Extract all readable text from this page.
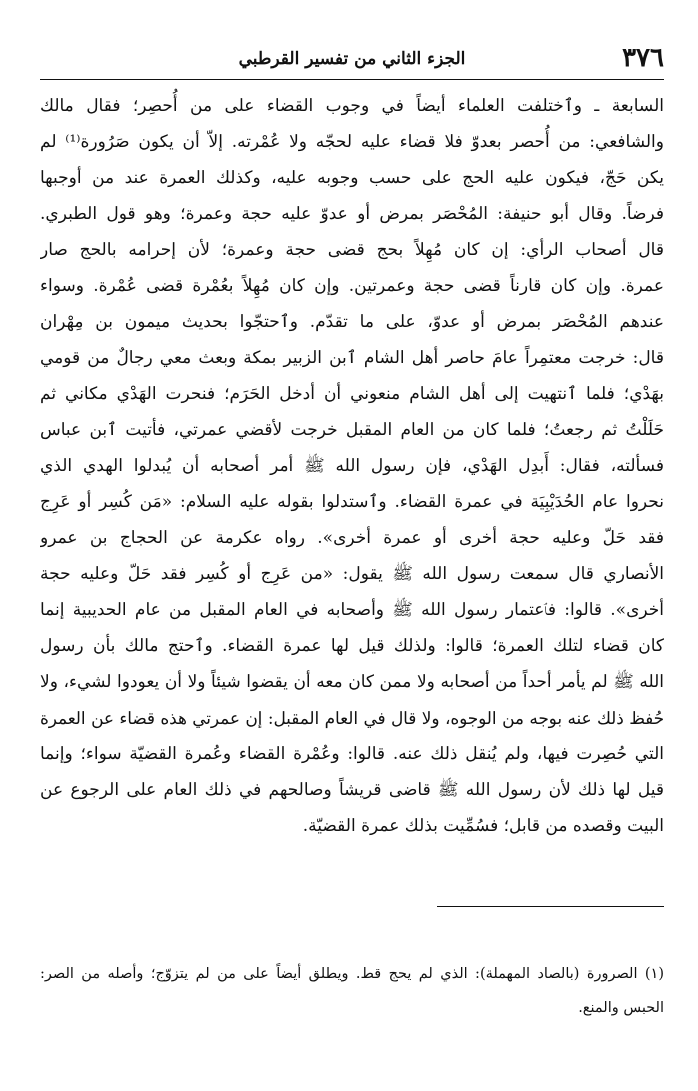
٣٧٦
الجزء الثاني من تفسير القرطبي
السابعة ـ وٱختلفت العلماء أيضاً في وجوب القضاء على من أُحصِر؛ فقال مالك
والشافعي: من أُحصر بعدوّ فلا قضاء عليه لحجّه ولا عُمْرته. إلاّ أن يكون صَرُورة⁽¹⁾ لم
يكن حَجّ، فيكون عليه الحج على حسب وجوبه عليه، وكذلك العمرة عند من أوجبها
فرضاً. وقال أبو حنيفة: المُحْصَر بمرض أو عدوّ عليه حجة وعمرة؛ وهو قول الطبري.
قال أصحاب الرأي: إن كان مُهِلاً بحج قضى حجة وعمرة؛ لأن إحرامه بالحج صار
عمرة. وإن كان قارناً قضى حجة وعمرتين. وإن كان مُهِلاً بعُمْرة قضى عُمْرة. وسواء
عندهم المُحْصَر بمرض أو عدوّ، على ما تقدّم. وٱحتجّوا بحديث ميمون بن مِهْران
قال: خرجت معتمِراً عامَ حاصر أهل الشام ٱبن الزبير بمكة وبعث معي رجالٌ من قومي
بهَدْي؛ فلما ٱنتهيت إلى أهل الشام منعوني أن أدخل الحَرَم؛ فنحرت الهَدْي مكاني ثم
حَلَلْتُ ثم رجعتُ؛ فلما كان من العام المقبل خرجت لأقضي عمرتي، فأتيت ٱبن عباس
فسألته، فقال: أَبدِل الهَدْي، فإن رسول الله ﷺ أمر أصحابه أن يُبدلوا الهدي الذي
نحروا عام الحُدَيْبِيَة في عمرة القضاء. وٱستدلوا بقوله عليه السلام: «مَن كُسِر أو عَرِج
فقد حَلّ وعليه حجة أخرى أو عمرة أخرى». رواه عكرمة عن الحجاج بن عمرو
الأنصاري قال سمعت رسول الله ﷺ يقول: «من عَرِج أو كُسِر فقد حَلّ وعليه حجة
أخرى». قالوا: فٱعتمار رسول الله ﷺ وأصحابه في العام المقبل من عام الحديبية إنما
كان قضاء لتلك العمرة؛ قالوا: ولذلك قيل لها عمرة القضاء. وٱحتج مالك بأن رسول
الله ﷺ لم يأمر أحداً من أصحابه ولا ممن كان معه أن يقضوا شيئاً ولا أن يعودوا لشيء، ولا
حُفظ ذلك عنه بوجه من الوجوه، ولا قال في العام المقبل: إن عمرتي هذه قضاء عن العمرة
التي حُصِرت فيها، ولم يُنقل ذلك عنه. قالوا: وعُمْرة القضاء وعُمرة القضيّة سواء؛ وإنما
قيل لها ذلك لأن رسول الله ﷺ قاضى قريشاً وصالحهم في ذلك العام على الرجوع عن
البيت وقصده من قابل؛ فسُمِّيت بذلك عمرة القضيّة.
(١) الصرورة (بالصاد المهملة): الذي لم يحج قط. ويطلق أيضاً على من لم يتزوّج؛ وأصله من الصر:
الحبس والمنع.
